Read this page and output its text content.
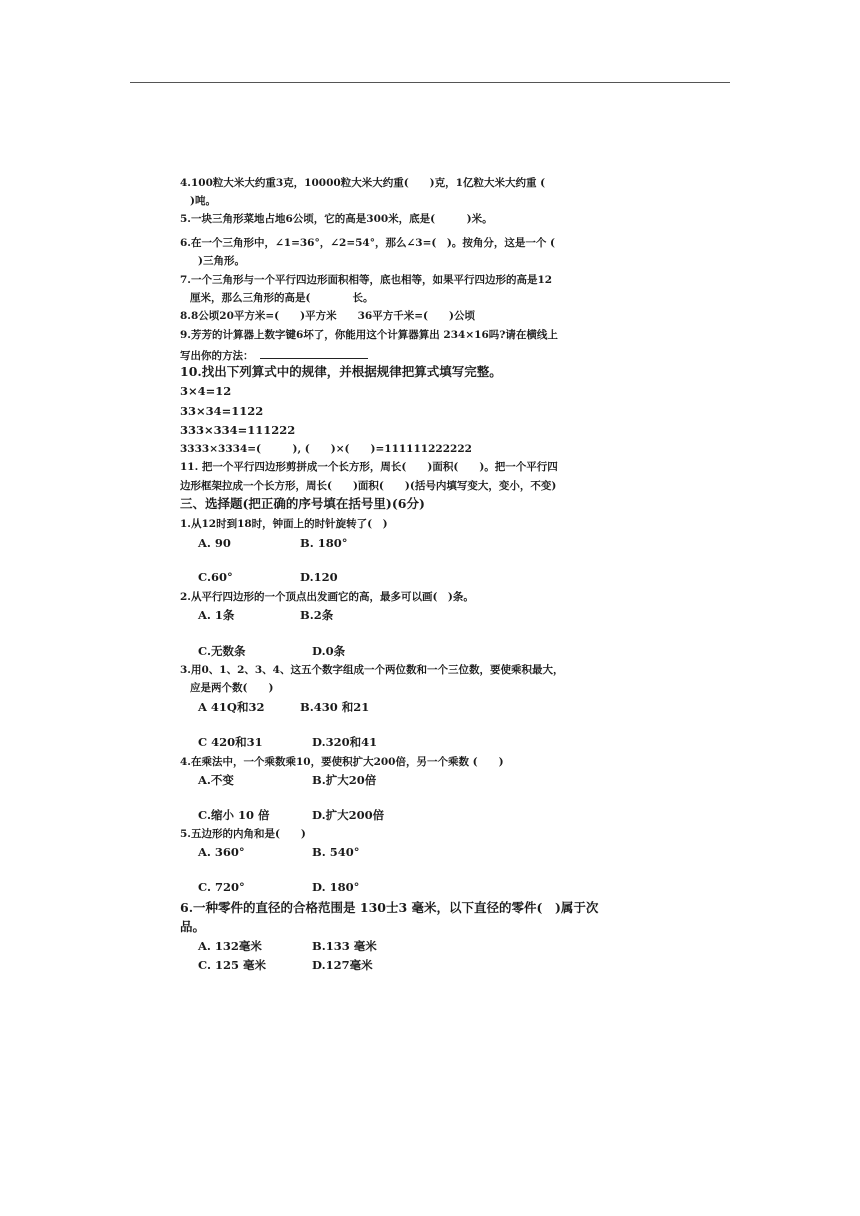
4.100粒大米大约重3克，10000粒大米大约重(　　)克，1亿粒大米大约重 (
)吨。
5.一块三角形菜地占地6公顷，它的高是300米，底是(　　　)米。
6.在一个三角形中，∠1=36°，∠2=54°，那么∠3=(　)。按角分，这是一个 (
)三角形。
7.一个三角形与一个平行四边形面积相等，底也相等，如果平行四边形的高是12
厘米，那么三角形的高是(　　　　长。
8.8公顷20平方米=(　　)平方米　　36平方千米=(　　)公顷
9.芳芳的计算器上数字键6坏了，你能用这个计算器算出 234×16吗?请在横线上
写出你的方法：
10.找出下列算式中的规律，并根据规律把算式填写完整。
3×4=12
33×34=1122
333×334=111222
3333×3334=(　　　), (　　)×(　　)=111111222222
11. 把一个平行四边形剪拼成一个长方形，周长(　　)面积(　　)。把一个平行四
边形框架拉成一个长方形，周长(　　)面积(　　)(括号内填写变大，变小，不变)
三、选择题(把正确的序号填在括号里)(6分)
1.从12时到18时，钟面上的时针旋转了(　)
A. 90	B. 180°
C.60°	D.120
2.从平行四边形的一个顶点出发画它的高，最多可以画(　)条。
A. 1条	B.2条
C.无数条	D.0条
3.用0、1、2、3、4、这五个数字组成一个两位数和一个三位数，要使乘积最大，
应是两个数(　　)
A 41Q和32	B.430 和21
C 420和31	D.320和41
4.在乘法中，一个乘数乘10，要使积扩大200倍，另一个乘数 (　　)
A.不变	B.扩大20倍
C.缩小 10 倍	D.扩大200倍
5.五边形的内角和是(　　)
A. 360°	B. 540°
C. 720°	D. 180°
6.一种零件的直径的合格范围是 130士3 毫米，以下直径的零件(　)属于次
品。
A. 132毫米	B.133 毫米
C. 125 毫米	D.127毫米
